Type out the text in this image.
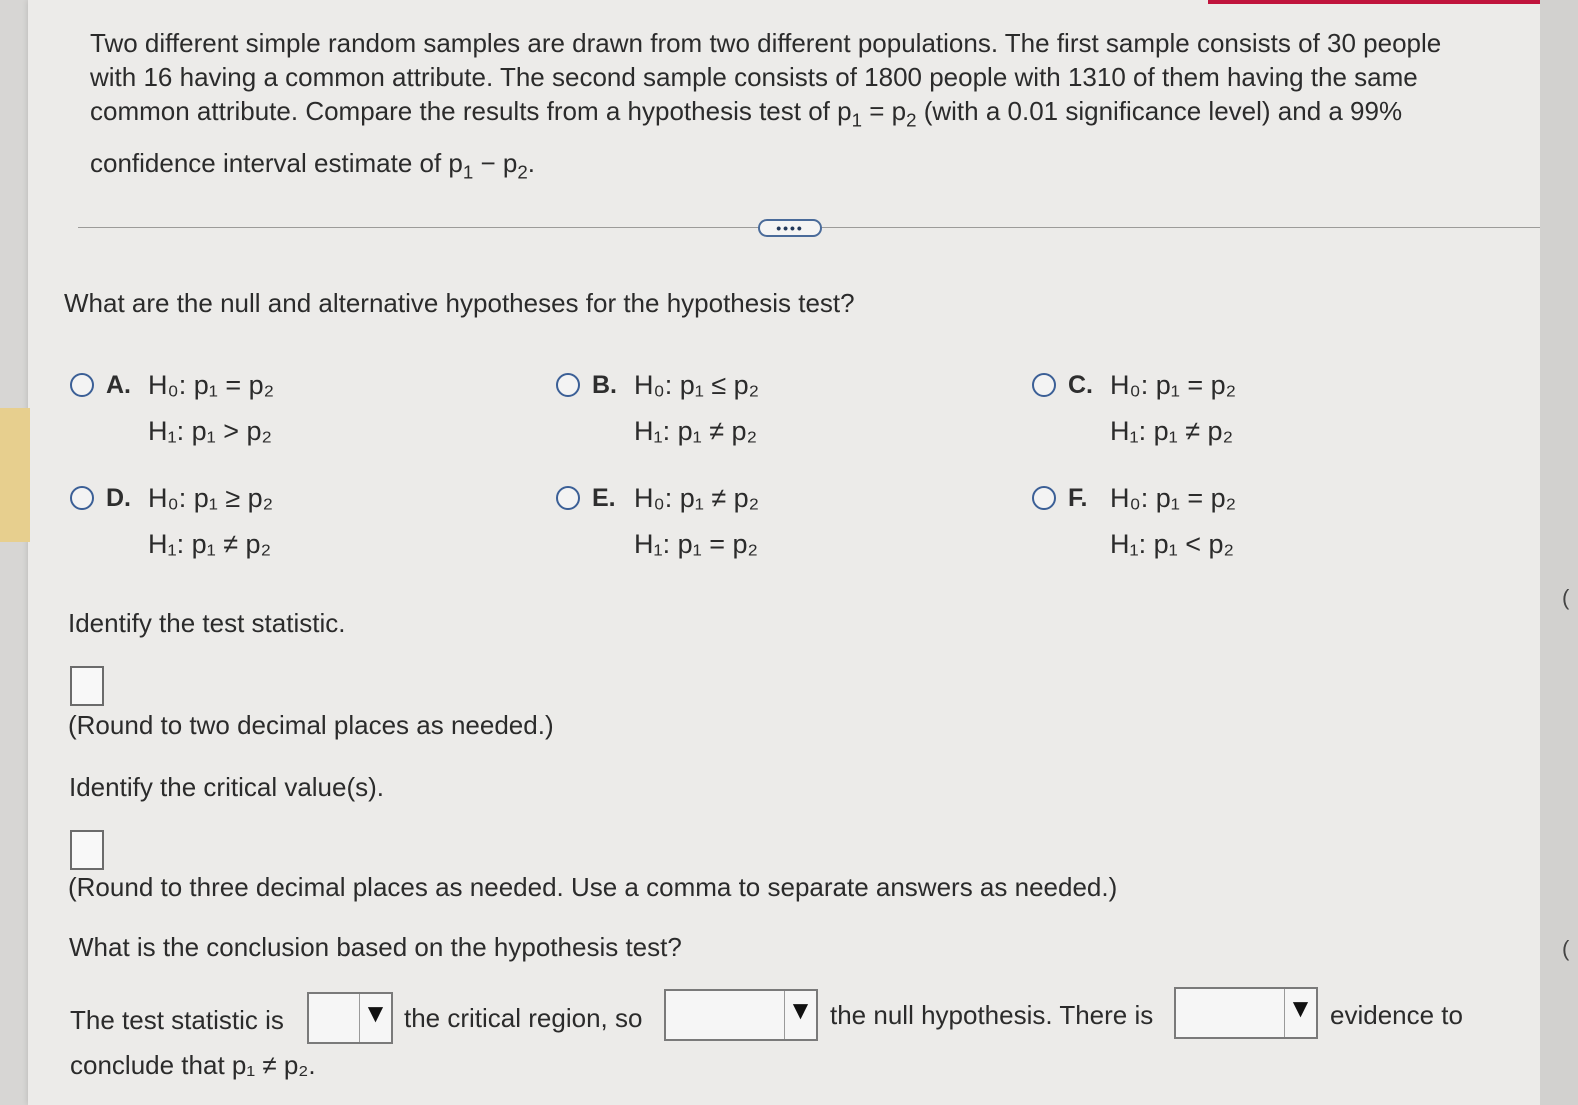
Two different simple random samples are drawn from two different populations. The first sample consists of 30 people
with 16 having a common attribute. The second sample consists of 1800 people with 1310 of them having the same
common attribute. Compare the results from a hypothesis test of $p_1 = p_2$ (with a 0.01 significance level) and a 99%
confidence interval estimate of $p_1 - p_2$.
••••
What are the null and alternative hypotheses for the hypothesis test?
A. H₀: p₁ = p₂
H₁: p₁ > p₂
B. H₀: p₁ ≤ p₂
H₁: p₁ ≠ p₂
C. H₀: p₁ = p₂
H₁: p₁ ≠ p₂
D. H₀: p₁ ≥ p₂
H₁: p₁ ≠ p₂
E. H₀: p₁ ≠ p₂
H₁: p₁ = p₂
F. H₀: p₁ = p₂
H₁: p₁ < p₂
Identify the test statistic.
(Round to two decimal places as needed.)
Identify the critical value(s).
(Round to three decimal places as needed. Use a comma to separate answers as needed.)
What is the conclusion based on the hypothesis test?
The test statistic is	▼ the critical region, so	▼ the null hypothesis. There is	▼ evidence to
conclude that p₁ ≠ p₂.
(
(
